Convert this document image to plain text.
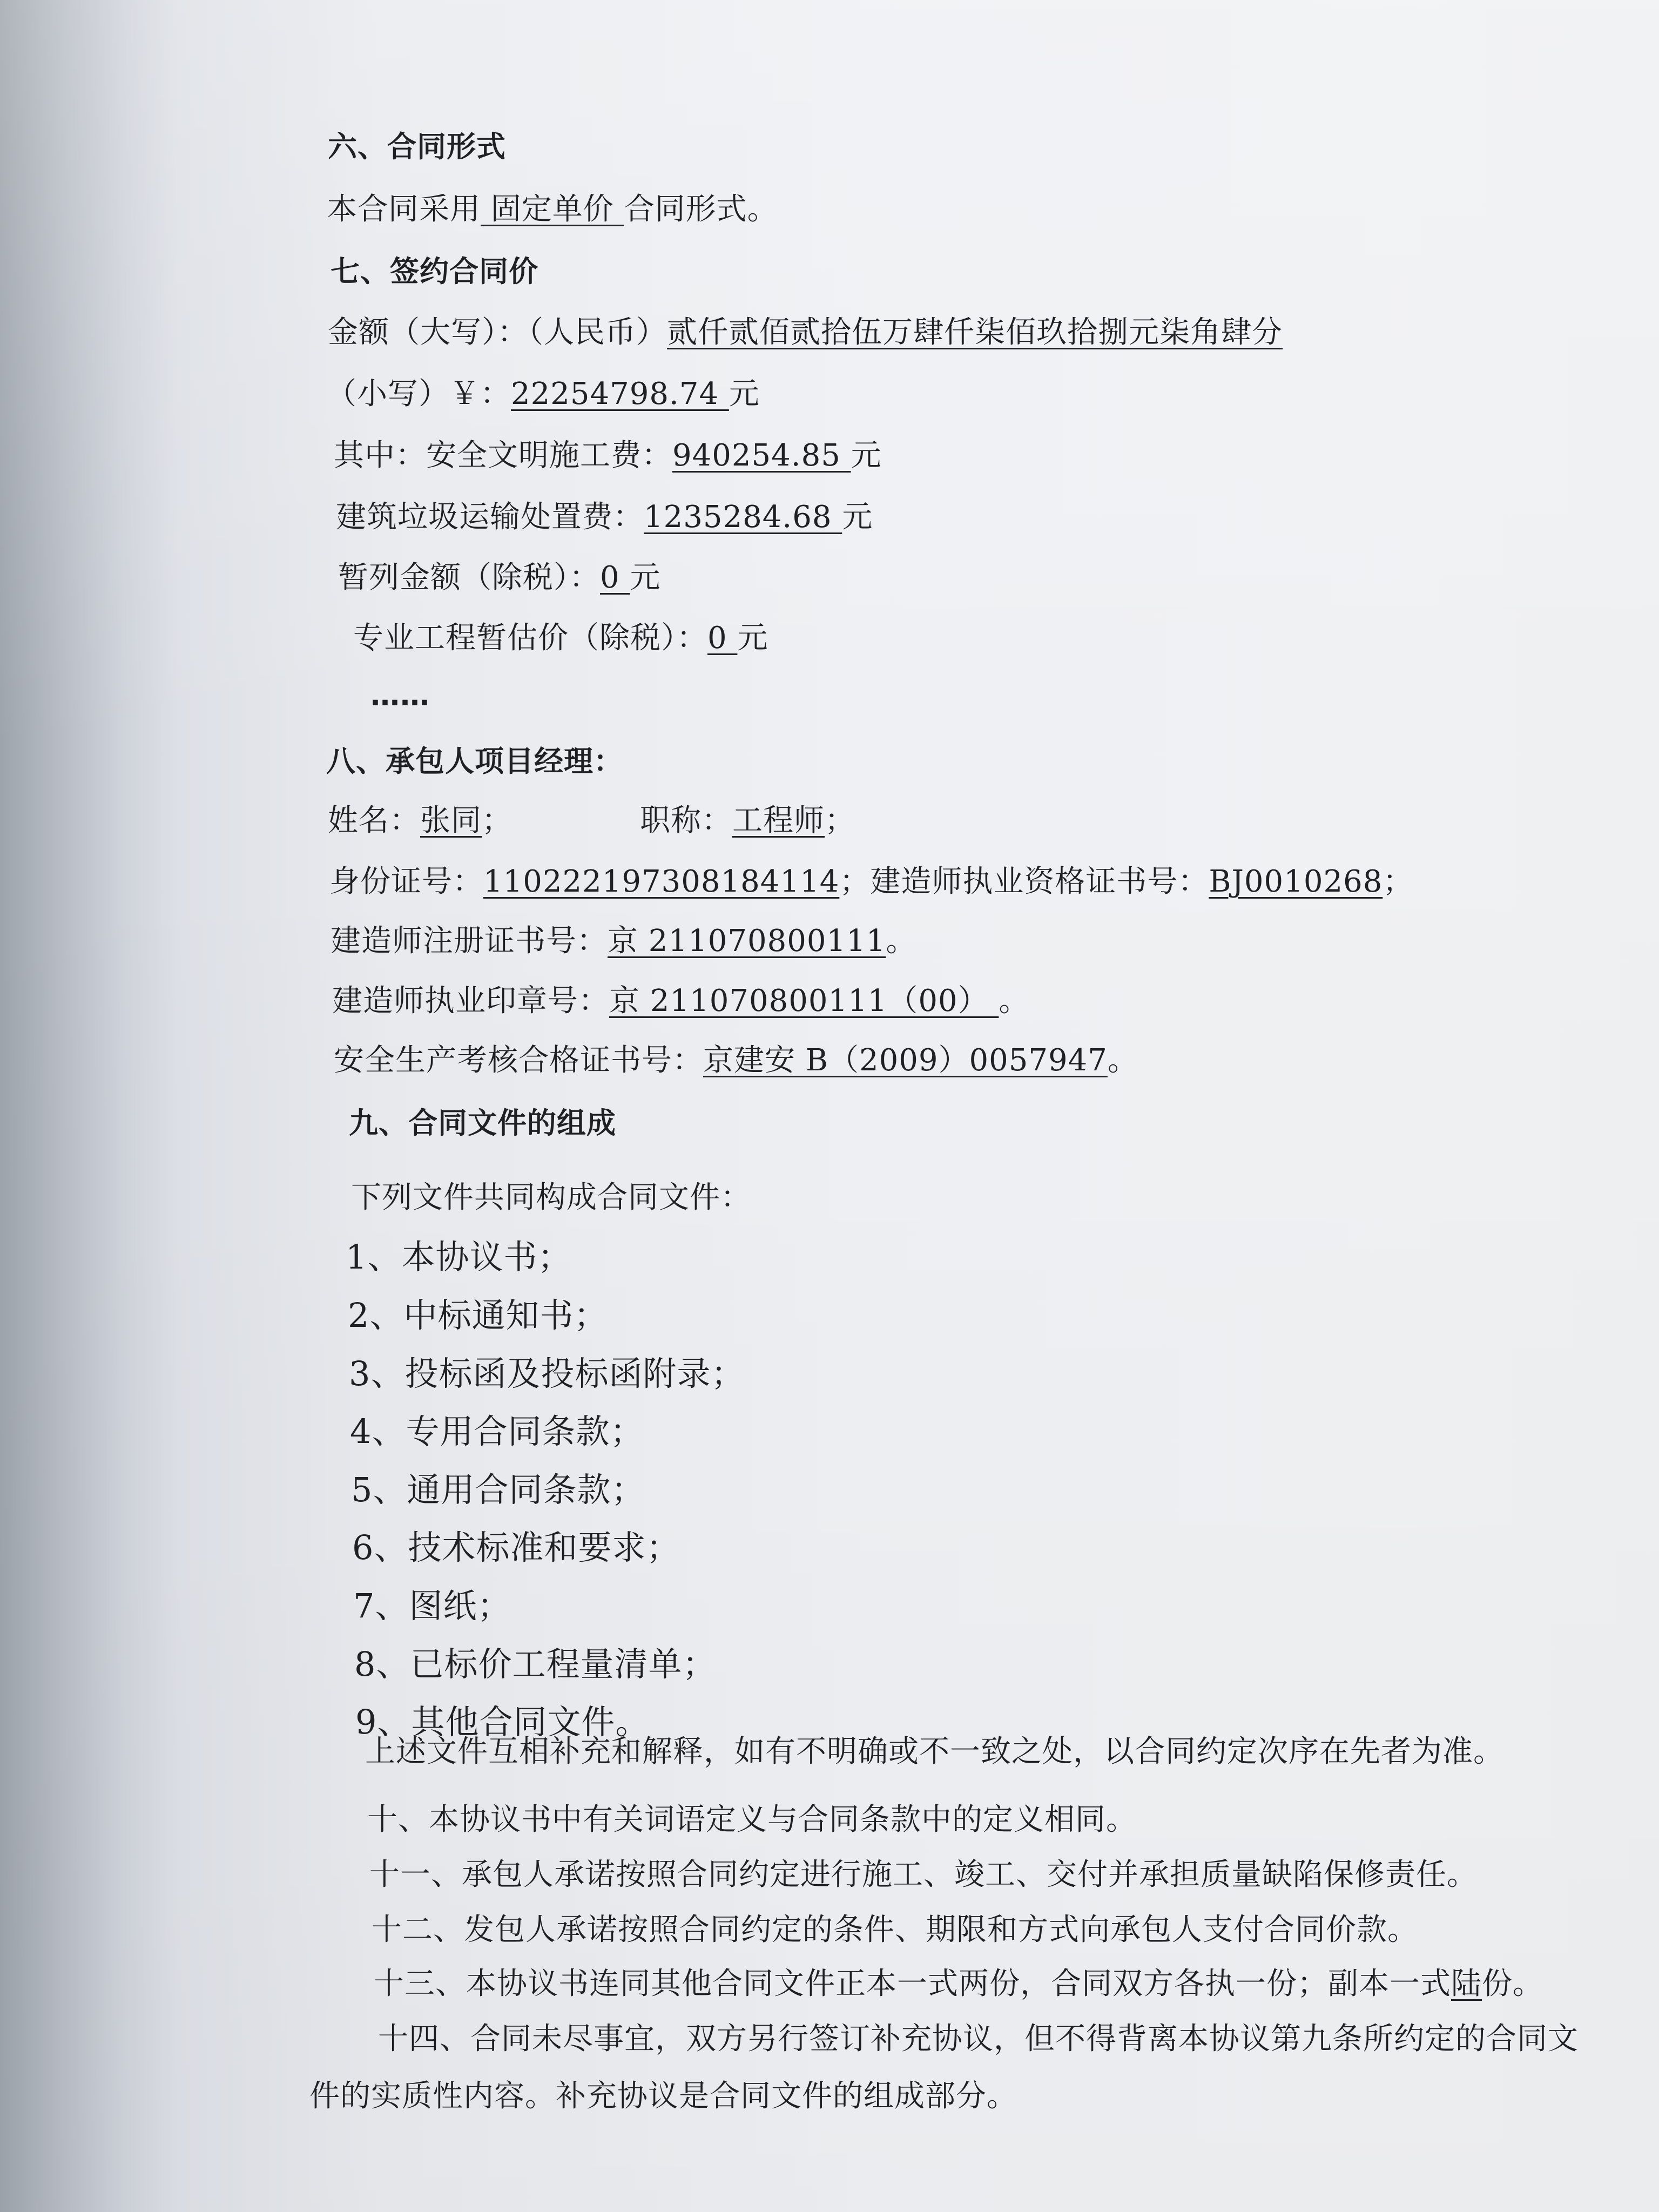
六、合同形式
本合同采用 固定单价 合同形式。
七、签约合同价
金额（大写）：（人民币）贰仟贰佰贰拾伍万肆仟柒佰玖拾捌元柒角肆分
（小写）￥：22254798.74 元
其中：安全文明施工费：940254.85 元
建筑垃圾运输处置费：1235284.68 元
暂列金额（除税）：0 元
专业工程暂估价（除税）：0 元
……
八、承包人项目经理：
姓名：张同；	职称：工程师；
身份证号：110222197308184114；建造师执业资格证书号：BJ0010268；
建造师注册证书号：京 211070800111。
建造师执业印章号：京 211070800111（00） 。
安全生产考核合格证书号：京建安 B（2009）0057947。
九、合同文件的组成
下列文件共同构成合同文件：
1、本协议书；
2、中标通知书；
3、投标函及投标函附录；
4、专用合同条款；
5、通用合同条款；
6、技术标准和要求；
7、图纸；
8、已标价工程量清单；
9、其他合同文件。
上述文件互相补充和解释，如有不明确或不一致之处，以合同约定次序在先者为准。
十、本协议书中有关词语定义与合同条款中的定义相同。
十一、承包人承诺按照合同约定进行施工、竣工、交付并承担质量缺陷保修责任。
十二、发包人承诺按照合同约定的条件、期限和方式向承包人支付合同价款。
十三、本协议书连同其他合同文件正本一式两份，合同双方各执一份；副本一式陆份。
十四、合同未尽事宜，双方另行签订补充协议，但不得背离本协议第九条所约定的合同文
件的实质性内容。补充协议是合同文件的组成部分。
